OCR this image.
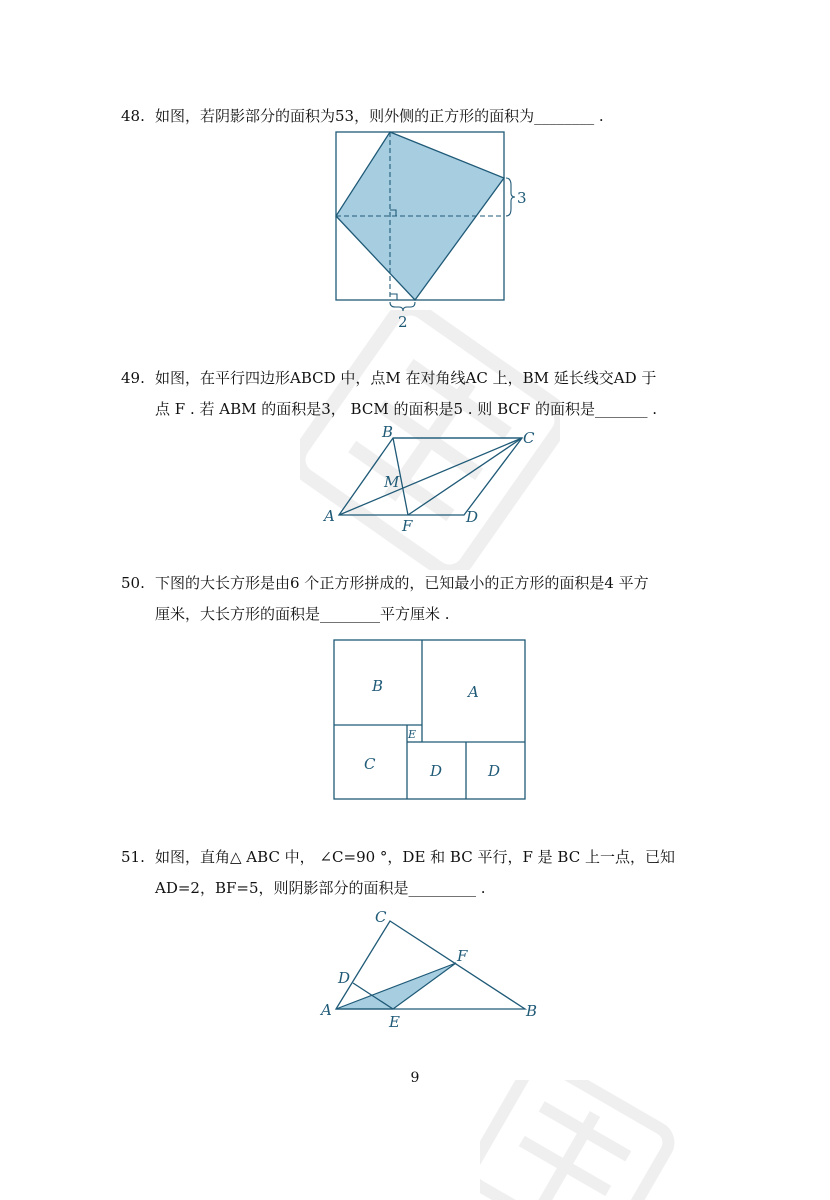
48. 如图，若阴影部分的面积为53，则外侧的正方形的面积为________ .
3
2
49. 如图，在平行四边形ABCD 中，点M 在对角线AC 上，BM 延长线交AD 于
点 F . 若 ABM 的面积是3， BCM 的面积是5 . 则 BCF 的面积是_______ .
B	C
M
A
F	D
50. 下图的大长方形是由6 个正方形拼成的，已知最小的正方形的面积是4 平方
厘米，大长方形的面积是________平方厘米 .
B	A
E
C	D	D
51. 如图，直角△ ABC 中， ∠C=90 °，DE 和 BC 平行，F 是 BC 上一点，已知
AD=2，BF=5，则阴影部分的面积是_________ .
C
F
D
A
E
B
9
